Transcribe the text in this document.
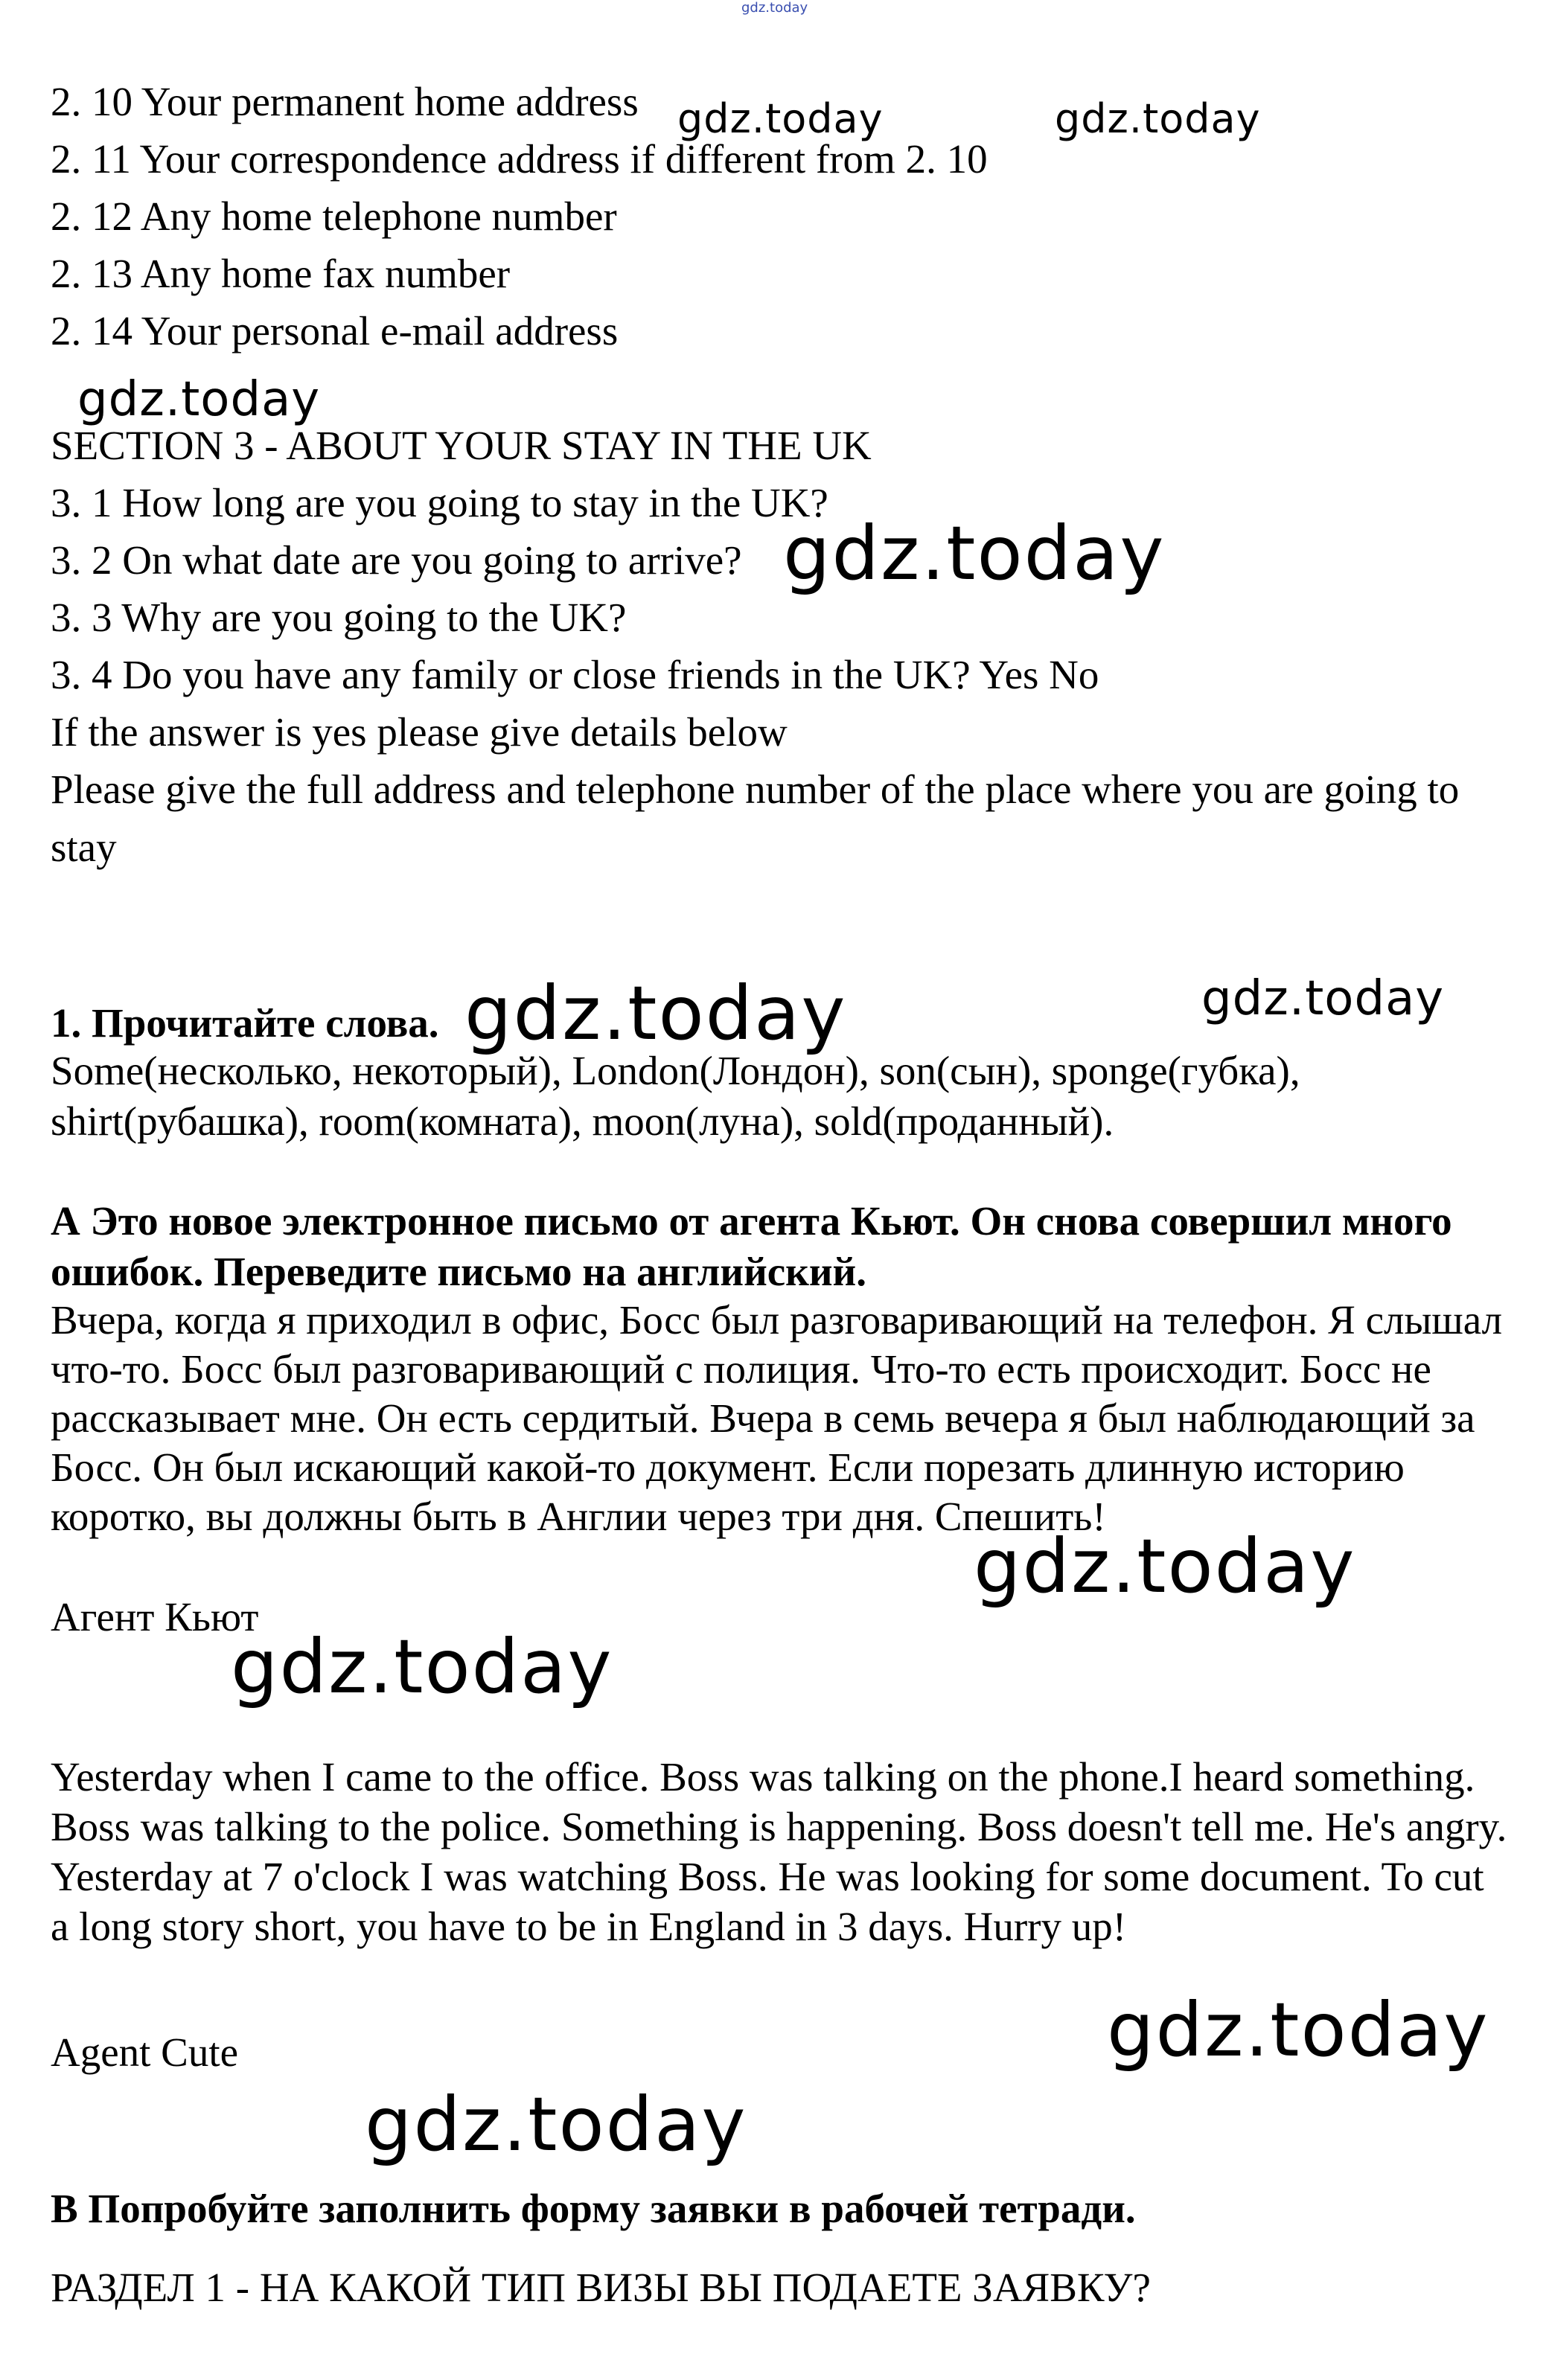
gdz.today

2. 10 Your permanent home address

2. 11 Your correspondence address if different from 2. 10

2. 12 Any home telephone number

2. 13 Any home fax number

2. 14 Your personal e-mail address

gdz.today	gdz.today
gdz.today

SECTION 3 - ABOUT YOUR STAY IN THE UK

3. 1 How long are you going to stay in the UK?

3. 2 On what date are you going to arrive?

3. 3 Why are you going to the UK?

3. 4 Do you have any family or close friends in the UK? Yes No

If the answer is yes please give details below

Please give the full address and telephone number of the place where you are going to stay

gdz.today

1. Прочитайте слова. gdz.today	gdz.today

Some(несколько, некоторый), London(Лондон), son(сын), sponge(губка), shirt(рубашка), room(комната), moon(луна), sold(проданный).

А Это новое электронное письмо от агента Кьют. Он снова совершил много ошибок. Переведите письмо на английский.

Вчера, когда я приходил в офис, Босс был разговаривающий на телефон. Я слышал что-то. Босс был разговаривающий с полиция. Что-то есть происходит. Босс не рассказывает мне. Он есть сердитый. Вчера в семь вечера я был наблюдающий за Босс. Он был искающий какой-то документ. Если порезать длинную историю коротко, вы должны быть в Англии через три дня. Спешить!

Агент Кьют

gdz.today
gdz.today

Yesterday when I came to the office. Boss was talking on the phone.I heard something. Boss was talking to the police. Something is happening. Boss doesn't tell me. He's angry. Yesterday at 7 o'clock I was watching Boss. He was looking for some document. To cut a long story short, you have to be in England in 3 days. Hurry up!

Agent Cute	gdz.today
gdz.today

В Попробуйте заполнить форму заявки в рабочей тетради.

РАЗДЕЛ 1 - НА КАКОЙ ТИП ВИЗЫ ВЫ ПОДАЕТЕ ЗАЯВКУ?
